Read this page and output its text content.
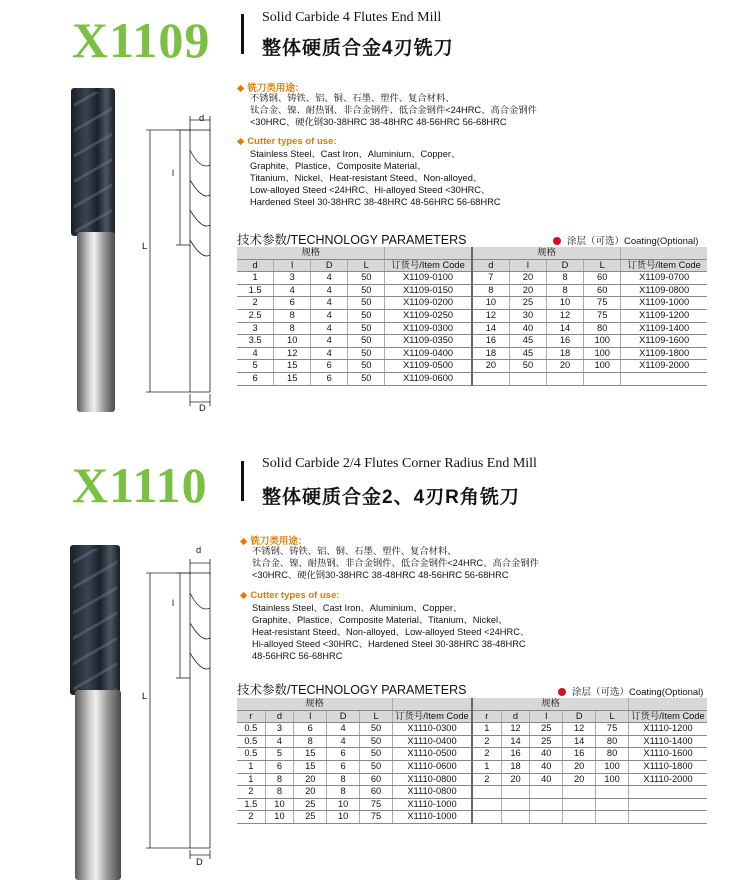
X1109	Solid Carbide 4 Flutes End Mill
整体硬质合金4刃铣刀
d
l
L
D
◆ 铣刀类用途：
不锈钢、铸铁、铝、铜、石墨、塑件、复合材料、
钛合金、镍、耐热钢、非合金钢件、低合金钢件<24HRC、高合金钢件
<30HRC、硬化钢30-38HRC 38-48HRC 48-56HRC 56-68HRC
◆ Cutter types of use:
Stainless Steel、Cast Iron、Aluminium、Copper、
Graphite、Plastice、Composite Material、
Titanium、Nickel、Heat-resistant Steed、Non-alloyed、
Low-alloyed Steed <24HRC、Hi-alloyed Steed <30HRC、
Hardened Steel 30-38HRC 38-48HRC 48-56HRC 56-68HRC
技术参数/TECHNOLOGY PARAMETERS	涂层（可选）Coating(Optional)
规格					规格				
d	l	D	L	订货号/Item Code	d	l	D	L	订货号/Item Code
1	3	4	50	X1109-0100	7	20	8	60	X1109-0700
1.5	4	4	50	X1109-0150	8	20	8	60	X1109-0800
2	6	4	50	X1109-0200	10	25	10	75	X1109-1000
2.5	8	4	50	X1109-0250	12	30	12	75	X1109-1200
3	8	4	50	X1109-0300	14	40	14	80	X1109-1400
3.5	10	4	50	X1109-0350	16	45	16	100	X1109-1600
4	12	4	50	X1109-0400	18	45	18	100	X1109-1800
5	15	6	50	X1109-0500	20	50	20	100	X1109-2000
6	15	6	50	X1109-0600					
X1110	Solid Carbide 2/4 Flutes Corner Radius End Mill
整体硬质合金2、4刃R角铣刀
d
l
L
D
◆ 铣刀类用途：
不锈钢、铸铁、铝、铜、石墨、塑件、复合材料、
钛合金、镍、耐热钢、非合金钢件、低合金钢件<24HRC、高合金钢件
<30HRC、硬化钢30-38HRC 38-48HRC 48-56HRC 56-68HRC
◆ Cutter types of use:
Stainless Steel、Cast Iron、Aluminium、Copper、
Graphite、Plastice、Composite Material、Titanium、Nickel、
Heat-resistant Steed、Non-alloyed、Low-alloyed Steed <24HRC、
Hi-alloyed Steed <30HRC、Hardened Steel 30-38HRC 38-48HRC
48-56HRC 56-68HRC
技术参数/TECHNOLOGY PARAMETERS	涂层（可选）Coating(Optional)
规格						规格					
r	d	l	D	L	订货号/Item Code	r	d	l	D	L	订货号/Item Code
0.5	3	6	4	50	X1110-0300	1	12	25	12	75	X1110-1200
0.5	4	8	4	50	X1110-0400	2	14	25	14	80	X1110-1400
0.5	5	15	6	50	X1110-0500	2	16	40	16	80	X1110-1600
1	6	15	6	50	X1110-0600	1	18	40	20	100	X1110-1800
1	8	20	8	60	X1110-0800	2	20	40	20	100	X1110-2000
2	8	20	8	60	X1110-0800						
1.5	10	25	10	75	X1110-1000						
2	10	25	10	75	X1110-1000						
